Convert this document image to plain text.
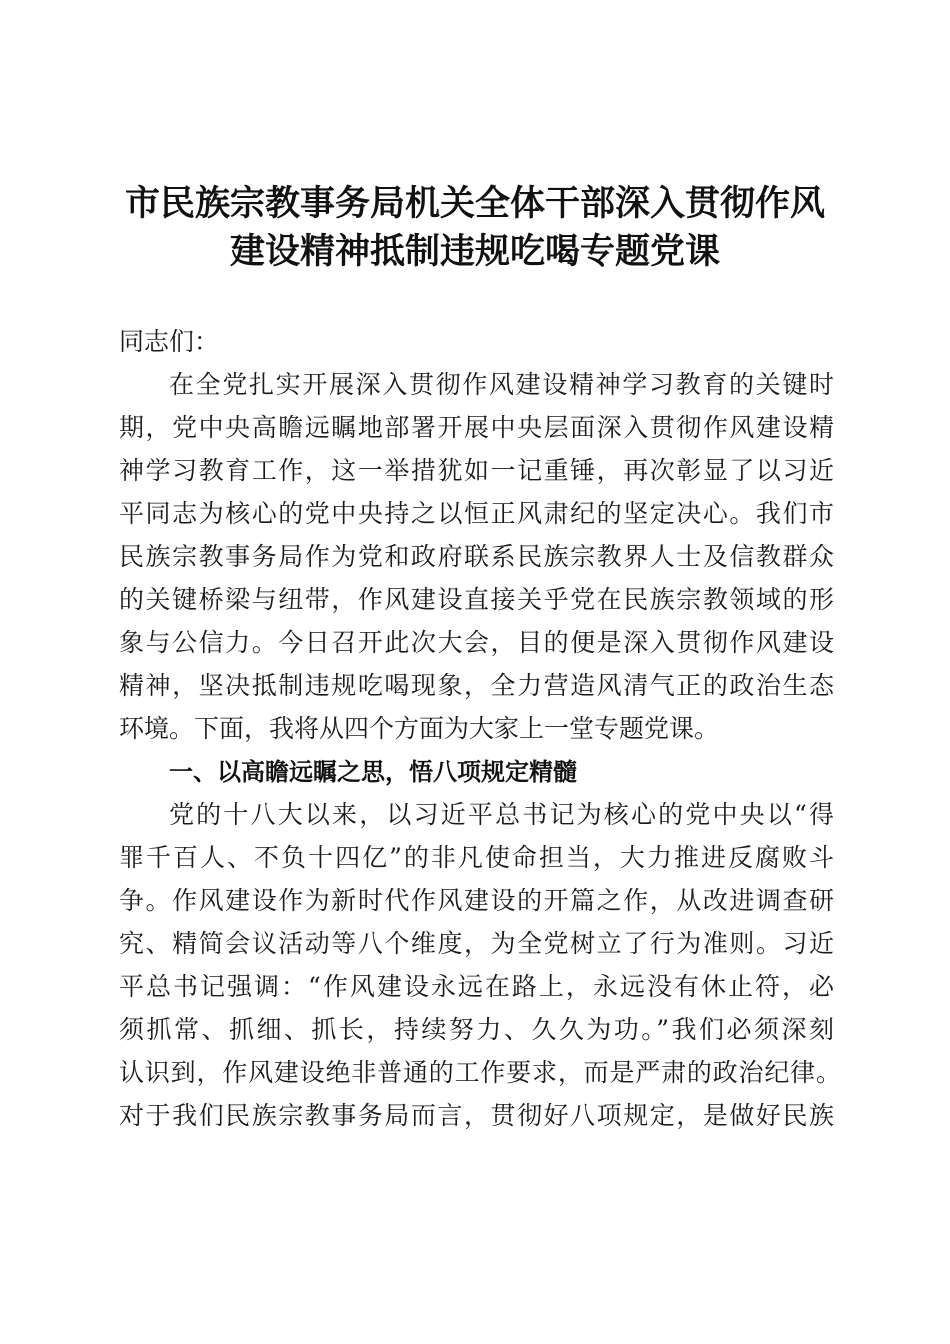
市民族宗教事务局机关全体干部深入贯彻作风
建设精神抵制违规吃喝专题党课
同志们：
在全党扎实开展深入贯彻作风建设精神学习教育的关键时
期，党中央高瞻远瞩地部署开展中央层面深入贯彻作风建设精
神学习教育工作，这一举措犹如一记重锤，再次彰显了以习近
平同志为核心的党中央持之以恒正风肃纪的坚定决心。我们市
民族宗教事务局作为党和政府联系民族宗教界人士及信教群众
的关键桥梁与纽带，作风建设直接关乎党在民族宗教领域的形
象与公信力。今日召开此次大会，目的便是深入贯彻作风建设
精神，坚决抵制违规吃喝现象，全力营造风清气正的政治生态
环境。下面，我将从四个方面为大家上一堂专题党课。
一、以高瞻远瞩之思，悟八项规定精髓
党的十八大以来，以习近平总书记为核心的党中央以“得
罪千百人、不负十四亿”的非凡使命担当，大力推进反腐败斗
争。作风建设作为新时代作风建设的开篇之作，从改进调查研
究、精简会议活动等八个维度，为全党树立了行为准则。习近
平总书记强调：“作风建设永远在路上，永远没有休止符，必
须抓常、抓细、抓长，持续努力、久久为功。”我们必须深刻
认识到，作风建设绝非普通的工作要求，而是严肃的政治纪律。
对于我们民族宗教事务局而言，贯彻好八项规定，是做好民族
